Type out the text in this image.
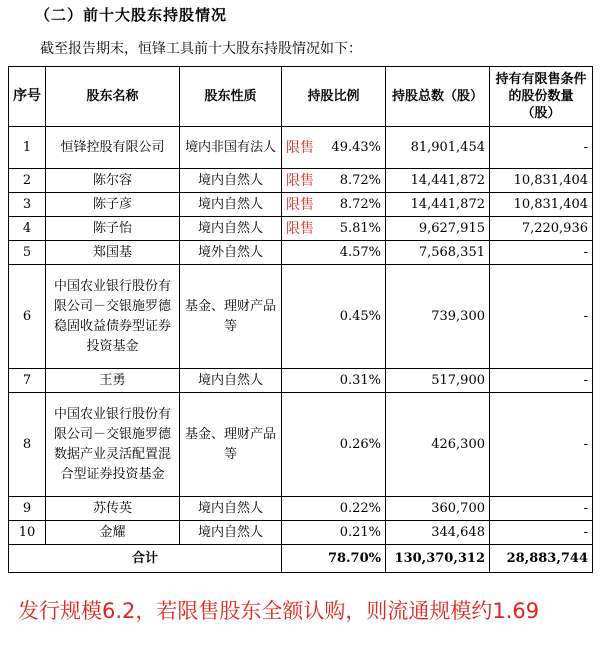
（二）前十大股东持股情况
截至报告期末，恒锋工具前十大股东持股情况如下：
序号	股东名称	股东性质	持股比例	持股总数（股）	持有有限售条件的股份数量（股）
1	恒锋控股有限公司	境内非国有法人	限售 49.43%	81,901,454	-
2	陈尔容	境内自然人	限售 8.72%	14,441,872	10,831,404
3	陈子彦	境内自然人	限售 8.72%	14,441,872	10,831,404
4	陈子怡	境内自然人	限售 5.81%	9,627,915	7,220,936
5	郑国基	境外自然人	4.57%	7,568,351	-
6	中国农业银行股份有限公司－交银施罗德稳固收益债券型证券投资基金	基金、理财产品等	0.45%	739,300	-
7	王勇	境内自然人	0.31%	517,900	-
8	中国农业银行股份有限公司－交银施罗德数据产业灵活配置混合型证券投资基金	基金、理财产品等	0.26%	426,300	-
9	苏传英	境内自然人	0.22%	360,700	-
10	金耀	境内自然人	0.21%	344,648	-
合计			78.70%	130,370,312	28,883,744
发行规模6.2，若限售股东全额认购，则流通规模约1.69
